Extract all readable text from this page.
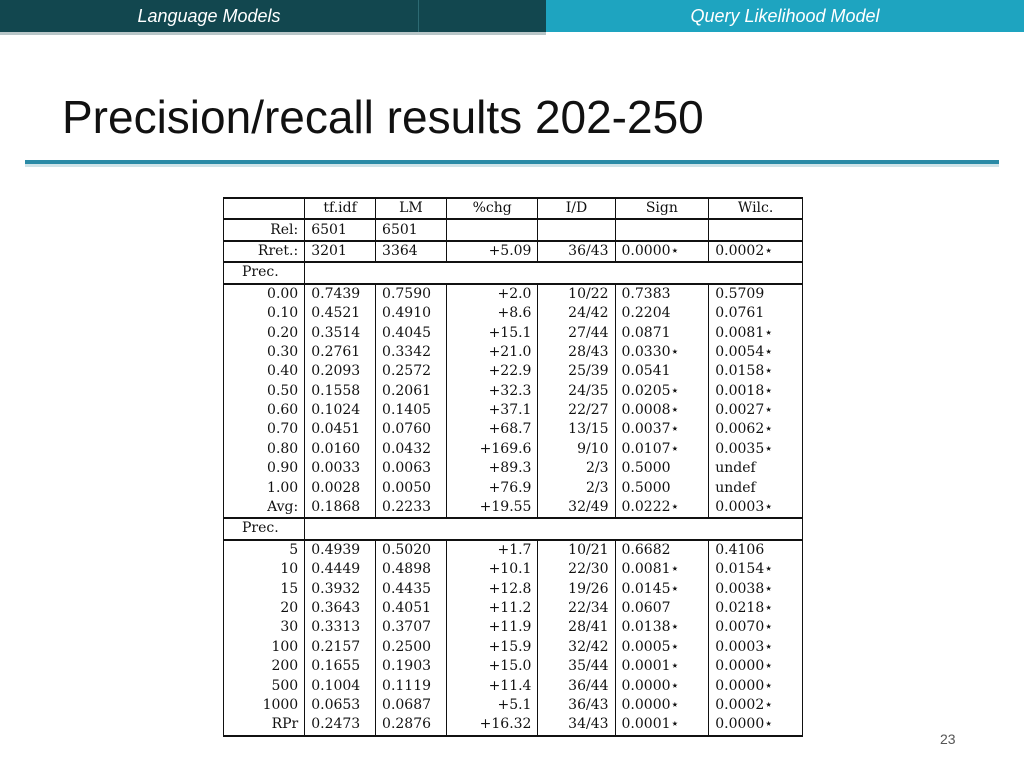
Language Models	Query Likelihood Model
Precision/recall results 202-250
	tf.idf	LM	%chg	I/D	Sign	Wilc.
Rel:	6501	6501				
Rret.:	3201	3364	+5.09	36/43	0.0000⋆	0.0002⋆
Prec.						
0.00	0.7439	0.7590	+2.0	10/22	0.7383	0.5709
0.10	0.4521	0.4910	+8.6	24/42	0.2204	0.0761
0.20	0.3514	0.4045	+15.1	27/44	0.0871	0.0081⋆
0.30	0.2761	0.3342	+21.0	28/43	0.0330⋆	0.0054⋆
0.40	0.2093	0.2572	+22.9	25/39	0.0541	0.0158⋆
0.50	0.1558	0.2061	+32.3	24/35	0.0205⋆	0.0018⋆
0.60	0.1024	0.1405	+37.1	22/27	0.0008⋆	0.0027⋆
0.70	0.0451	0.0760	+68.7	13/15	0.0037⋆	0.0062⋆
0.80	0.0160	0.0432	+169.6	9/10	0.0107⋆	0.0035⋆
0.90	0.0033	0.0063	+89.3	2/3	0.5000	undef
1.00	0.0028	0.0050	+76.9	2/3	0.5000	undef
Avg:	0.1868	0.2233	+19.55	32/49	0.0222⋆	0.0003⋆
Prec.						
5	0.4939	0.5020	+1.7	10/21	0.6682	0.4106
10	0.4449	0.4898	+10.1	22/30	0.0081⋆	0.0154⋆
15	0.3932	0.4435	+12.8	19/26	0.0145⋆	0.0038⋆
20	0.3643	0.4051	+11.2	22/34	0.0607	0.0218⋆
30	0.3313	0.3707	+11.9	28/41	0.0138⋆	0.0070⋆
100	0.2157	0.2500	+15.9	32/42	0.0005⋆	0.0003⋆
200	0.1655	0.1903	+15.0	35/44	0.0001⋆	0.0000⋆
500	0.1004	0.1119	+11.4	36/44	0.0000⋆	0.0000⋆
1000	0.0653	0.0687	+5.1	36/43	0.0000⋆	0.0002⋆
RPr	0.2473	0.2876	+16.32	34/43	0.0001⋆	0.0000⋆
23
